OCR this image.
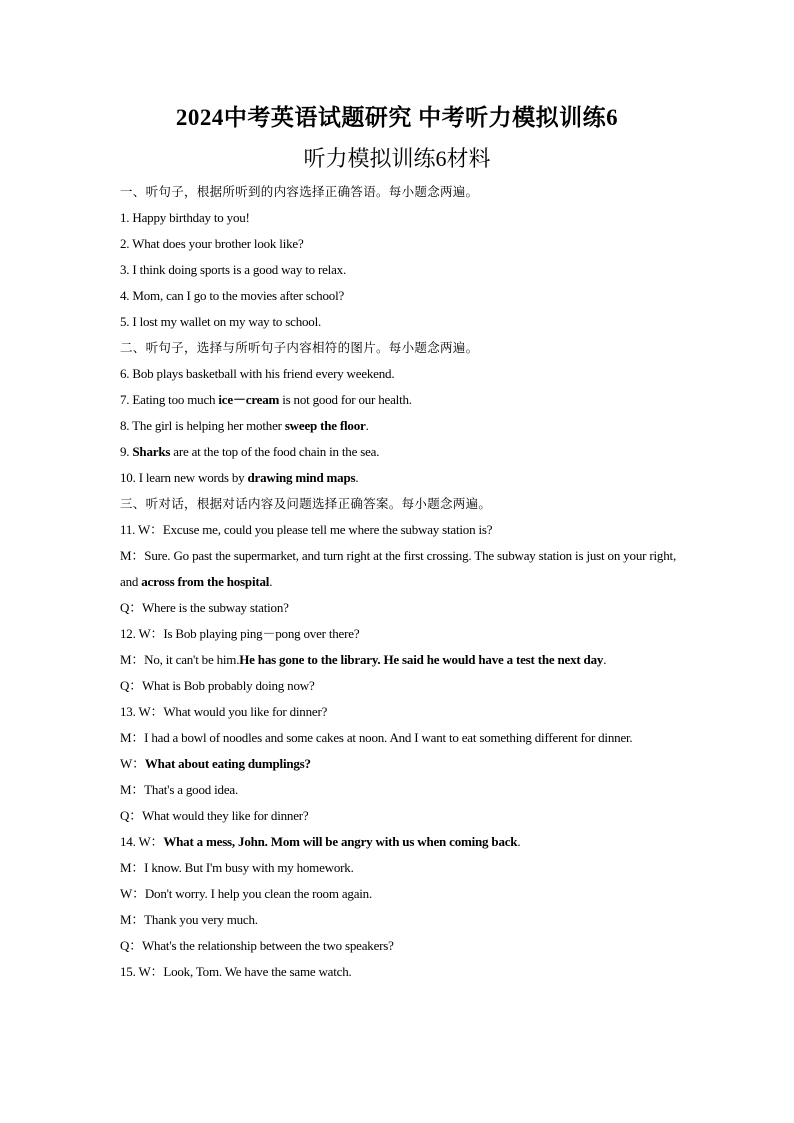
2024中考英语试题研究 中考听力模拟训练6
听力模拟训练6材料
一、听句子，根据所听到的内容选择正确答语。每小题念两遍。
1. Happy birthday to you!
2. What does your brother look like?
3. I think doing sports is a good way to relax.
4. Mom, can I go to the movies after school?
5. I lost my wallet on my way to school.
二、听句子，选择与所听句子内容相符的图片。每小题念两遍。
6. Bob plays basketball with his friend every weekend.
7. Eating too much ice－cream is not good for our health.
8. The girl is helping her mother sweep the floor.
9. Sharks are at the top of the food chain in the sea.
10. I learn new words by drawing mind maps.
三、听对话，根据对话内容及问题选择正确答案。每小题念两遍。
11. W：Excuse me, could you please tell me where the subway station is?
M：Sure. Go past the supermarket, and turn right at the first crossing. The subway station is just on your right, and across from the hospital.
Q：Where is the subway station?
12. W：Is Bob playing ping－pong over there?
M：No, it can't be him.He has gone to the library. He said he would have a test the next day.
Q：What is Bob probably doing now?
13. W：What would you like for dinner?
M：I had a bowl of noodles and some cakes at noon. And I want to eat something different for dinner.
W：What about eating dumplings?
M：That's a good idea.
Q：What would they like for dinner?
14. W：What a mess, John. Mom will be angry with us when coming back.
M：I know. But I'm busy with my homework.
W：Don't worry. I help you clean the room again.
M：Thank you very much.
Q：What's the relationship between the two speakers?
15. W：Look, Tom. We have the same watch.
